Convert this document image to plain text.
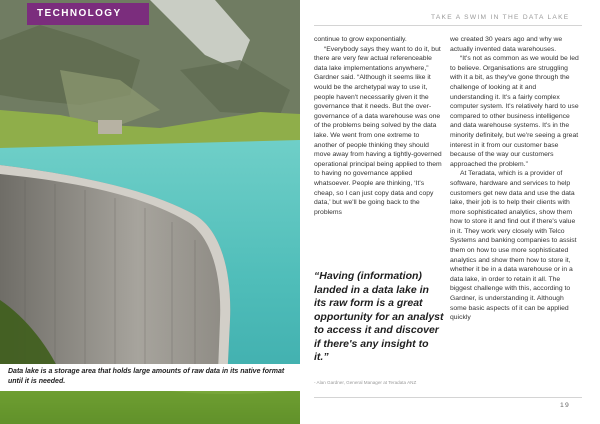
TECHNOLOGY
Data lake is a storage area that holds large amounts of raw data in its native format until it is needed.
TAKE A SWIM IN THE DATA LAKE

continue to grow exponentially.

“Everybody says they want to do it, but there are very few actual referenceable data lake implementations anywhere,” Gardner said. “Although it seems like it would be the archetypal way to use it, people haven't necessarily given it the governance that it needs. But the over-governance of a data warehouse was one of the problems being solved by the data lake. We went from one extreme to another of people thinking they should move away from having a tightly-governed operational principal being applied to them to having no governance applied whatsoever. People are thinking, ‘It's cheap, so I can just copy data and copy data,’ but we'll be going back to the problems

“Having (information) landed in a data lake in its raw form is a great opportunity for an analyst to access it and discover if there's any insight to it.”
- Alan Gardner, General Manager at Teradata ANZ

we created 30 years ago and why we actually invented data warehouses.

“It's not as common as we would be led to believe. Organisations are struggling with it a bit, as they've gone through the challenge of looking at it and understanding it. It's a fairly complex computer system. It's relatively hard to use compared to other business intelligence and data warehouse systems. It's in the minority definitely, but we're seeing a great interest in it from our customer base because of the way our customers approached the problem.”

At Teradata, which is a provider of software, hardware and services to help customers get new data and use the data lake, their job is to help their clients with more sophisticated analytics, show them how to store it and find out if there's value in it. They work very closely with Telco Systems and banking companies to assist them on how to use more sophisticated analytics and show them how to store it, whether it be in a data warehouse or in a data lake, in order to retain it all. The biggest challenge with this, according to Gardner, is understanding it. Although some basic aspects of it can be applied quickly

19
